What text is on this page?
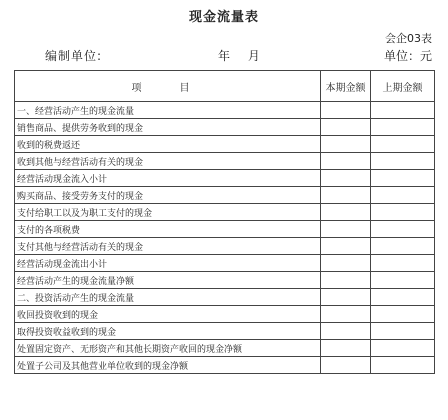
现金流量表
会企03表
编制单位:	年 月	单位：元
项　目	本期金额	上期金额
一、经营活动产生的现金流量		
销售商品、提供劳务收到的现金		
收到的税费返还		
收到其他与经营活动有关的现金		
经营活动现金流入小计		
购买商品、接受劳务支付的现金		
支付给职工以及为职工支付的现金		
支付的各项税费		
支付其他与经营活动有关的现金		
经营活动现金流出小计		
经营活动产生的现金流量净额		
二、投资活动产生的现金流量		
收回投资收到的现金		
取得投资收益收到的现金		
处置固定资产、无形资产和其他长期资产收回的现金净额		
处置子公司及其他营业单位收到的现金净额		
